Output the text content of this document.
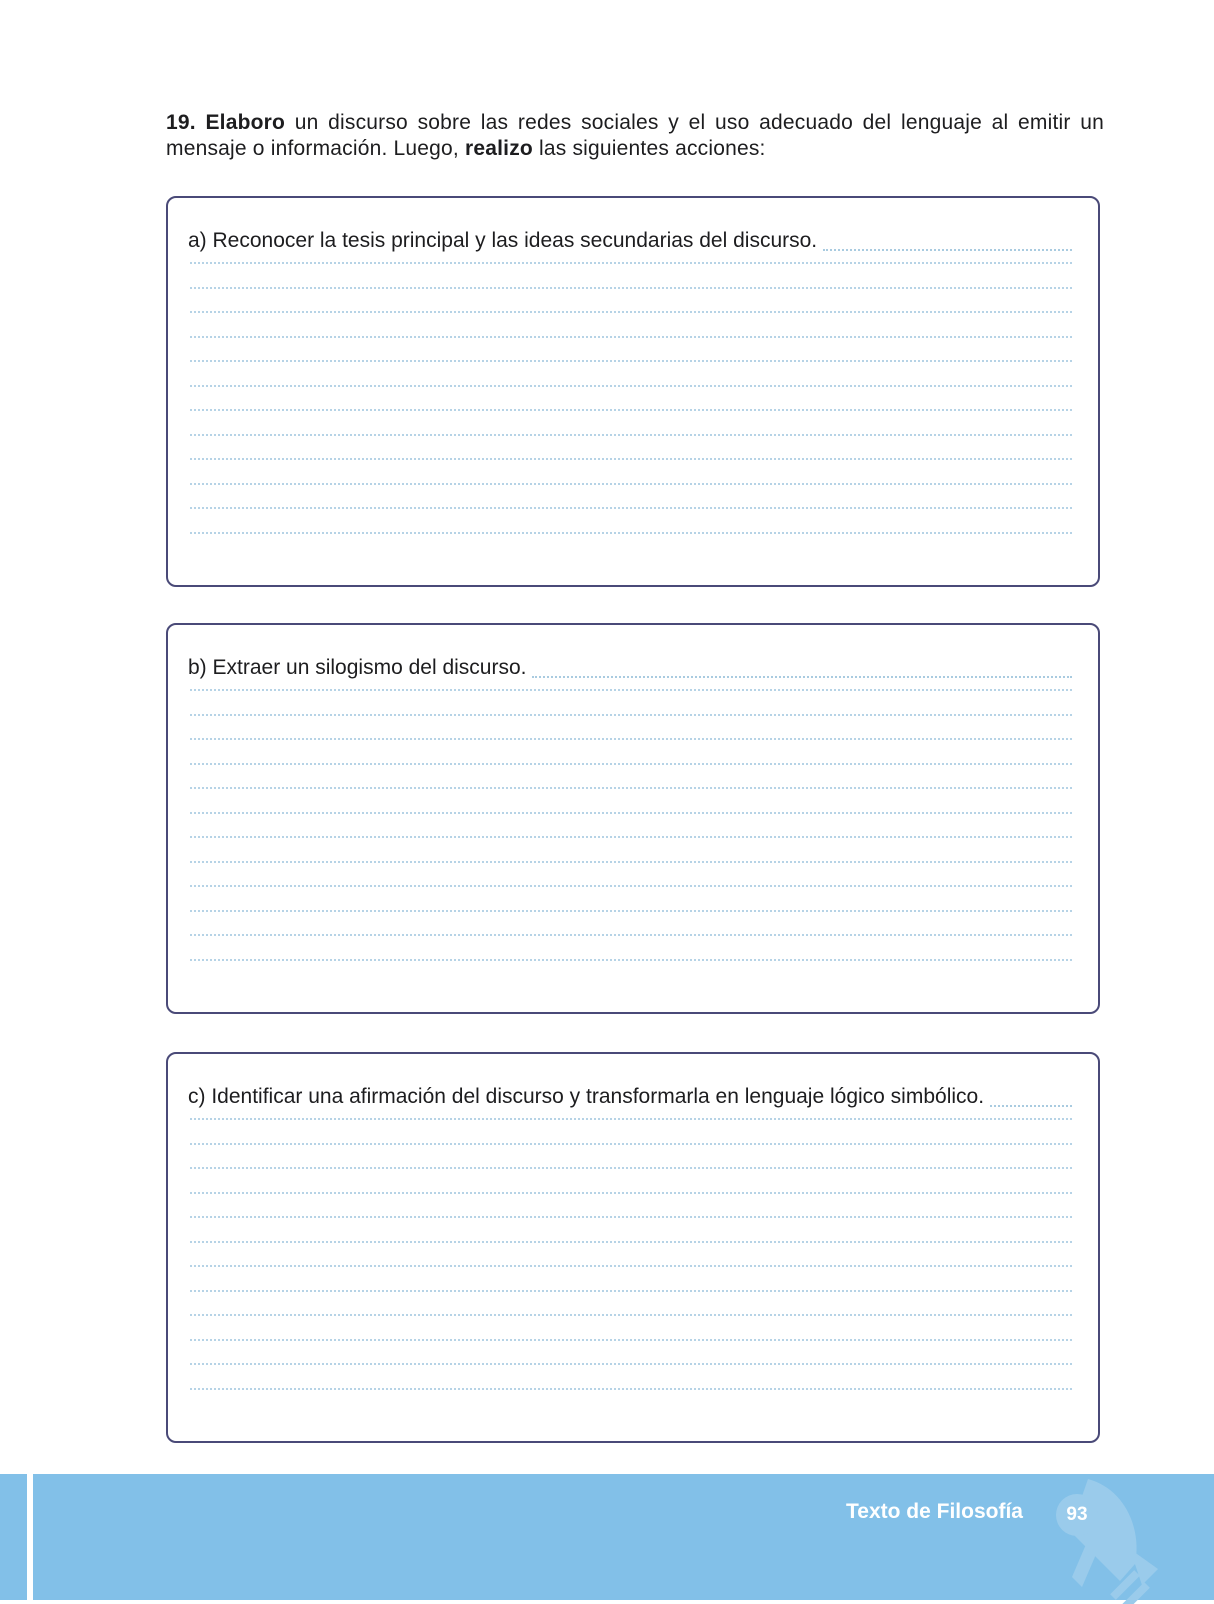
19. Elaboro un discurso sobre las redes sociales y el uso adecuado del lenguaje al emitir un mensaje o información. Luego, realizo las siguientes acciones:
a) Reconocer la tesis principal y las ideas secundarias del discurso.
b) Extraer un silogismo del discurso.
c) Identificar una afirmación del discurso y transformarla en lenguaje lógico simbólico.
Texto de Filosofía	93
